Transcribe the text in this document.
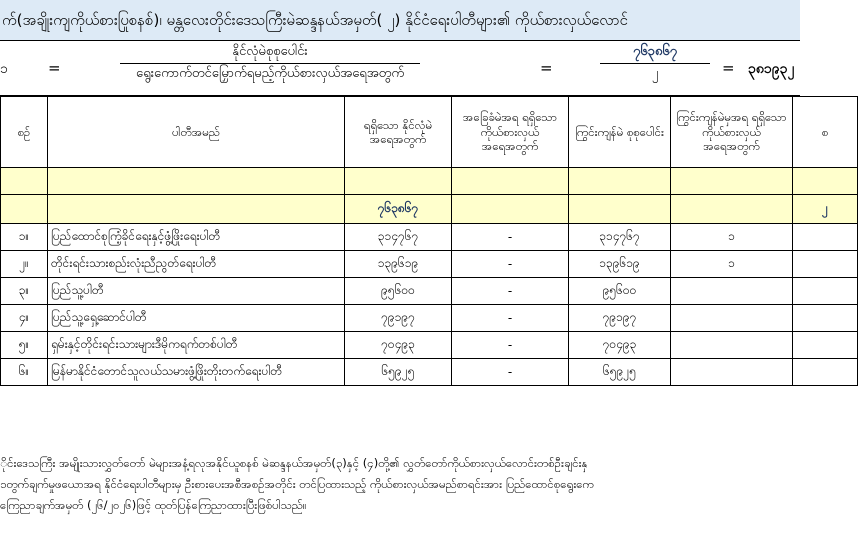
က်(အချိုးကျကိုယ်စားပြုစနစ်)၊ မန္တလေးတိုင်းဒေသကြီးမဲဆန္ဒနယ်အမှတ်( ၂) နိုင်ငံရေးပါတီများ၏ ကိုယ်စားလှယ်လောင်
၁	=
နိုင်လုံမဲစုစုပေါင်း
ရွေးကောက်တင်မြှောက်ရမည့်ကိုယ်စားလှယ်အရေအတွက်	=
၇၆၃၈၆၇
၂	= ၃၈၁၉၃၂
စဉ်	ပါတီအမည်	ရရှိသော နိုင်လုံမဲ အရေအတွက်	အခြေခံမဲအရ ရရှိသော ကိုယ်စားလှယ် အရေအတွက်	ကြွင်းကျန်မဲ စုစုပေါင်း	ကြွင်းကျန်မဲမှအရ ရရှိသော ကိုယ်စားလှယ် အရေအတွက်	စ

		၇၆၃၈၆၇				၂
၁။	ပြည်ထောင်စုကြံ့ခိုင်ရေးနှင့်ဖွံ့ဖြိုးရေးပါတီ	၃၁၄၇၆၇	-	၃၁၄၇၆၇	၁	
၂။	တိုင်းရင်းသားစည်းလုံးညီညွတ်ရေးပါတီ	၁၃၉၆၁၉	-	၁၃၉၆၁၉	၁	
၃။	ပြည်သူ့ပါတီ	၉၅၆၀၀	-	၉၅၆၀၀		
၄။	ပြည်သူ့ရှေ့ဆောင်ပါတီ	၇၉၁၉၇	-	၇၉၁၉၇		
၅။	ရှမ်းနှင့်တိုင်းရင်းသားများဒီမိုကရက်တစ်ပါတီ	၇၀၄၉၃	-	၇၀၄၉၃		
၆။	မြန်မာနိုင်ငံတောင်သူလယ်သမားဖွံ့ဖြိုးတိုးတက်ရေးပါတီ	၆၅၉၂၅	-	၆၅၉၂၅		

ိုင်းဒေသကြီး အမျိုးသားလွှတ်တော် မဲများအနံ့ရလုအနိုင်ယူစနစ် မဲဆန္ဒနယ်အမှတ်(၃)နှင့် (၄)တို့၏ လွှတ်တော်ကိုယ်စားလှယ်လောင်းတစ်ဦးချင်းနှ

၁တွက်ချက်မှုဖယောအရ နိုင်ငံရေးပါတီများမှ ဦးစားပေးအစီအစဉ်အတိုင်း တင်ပြထားသည့် ကိုယ်စားလှယ်အမည်စာရင်းအား ပြည်ထောင်စုရွေးကေ

ကြေညာချက်အမှတ် (၂၆/၂၀၂၆)ဖြင့် ထုတ်ပြန်ကြေညာထားပြီးဖြစ်ပါသည်။
